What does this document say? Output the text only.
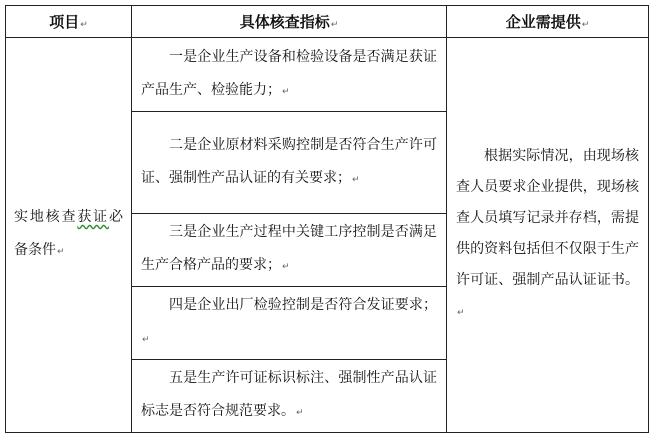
项目↵	具体核查指标↵	企业需提供↵

实地核查获证必备条件↵	一是企业生产设备和检验设备是否满足获证产品生产、检验能力；↵	根据实际情况，由现场核查人员要求企业提供，现场核查人员填写记录并存档，需提供的资料包括但不仅限于生产许可证、强制产品认证证书。↵

	二是企业原材料采购控制是否符合生产许可证、强制性产品认证的有关要求；↵	

	三是企业生产过程中关键工序控制是否满足生产合格产品的要求；↵	

	四是企业出厂检验控制是否符合发证要求；↵	

	五是生产许可证标识标注、强制性产品认证标志是否符合规范要求。↵	
